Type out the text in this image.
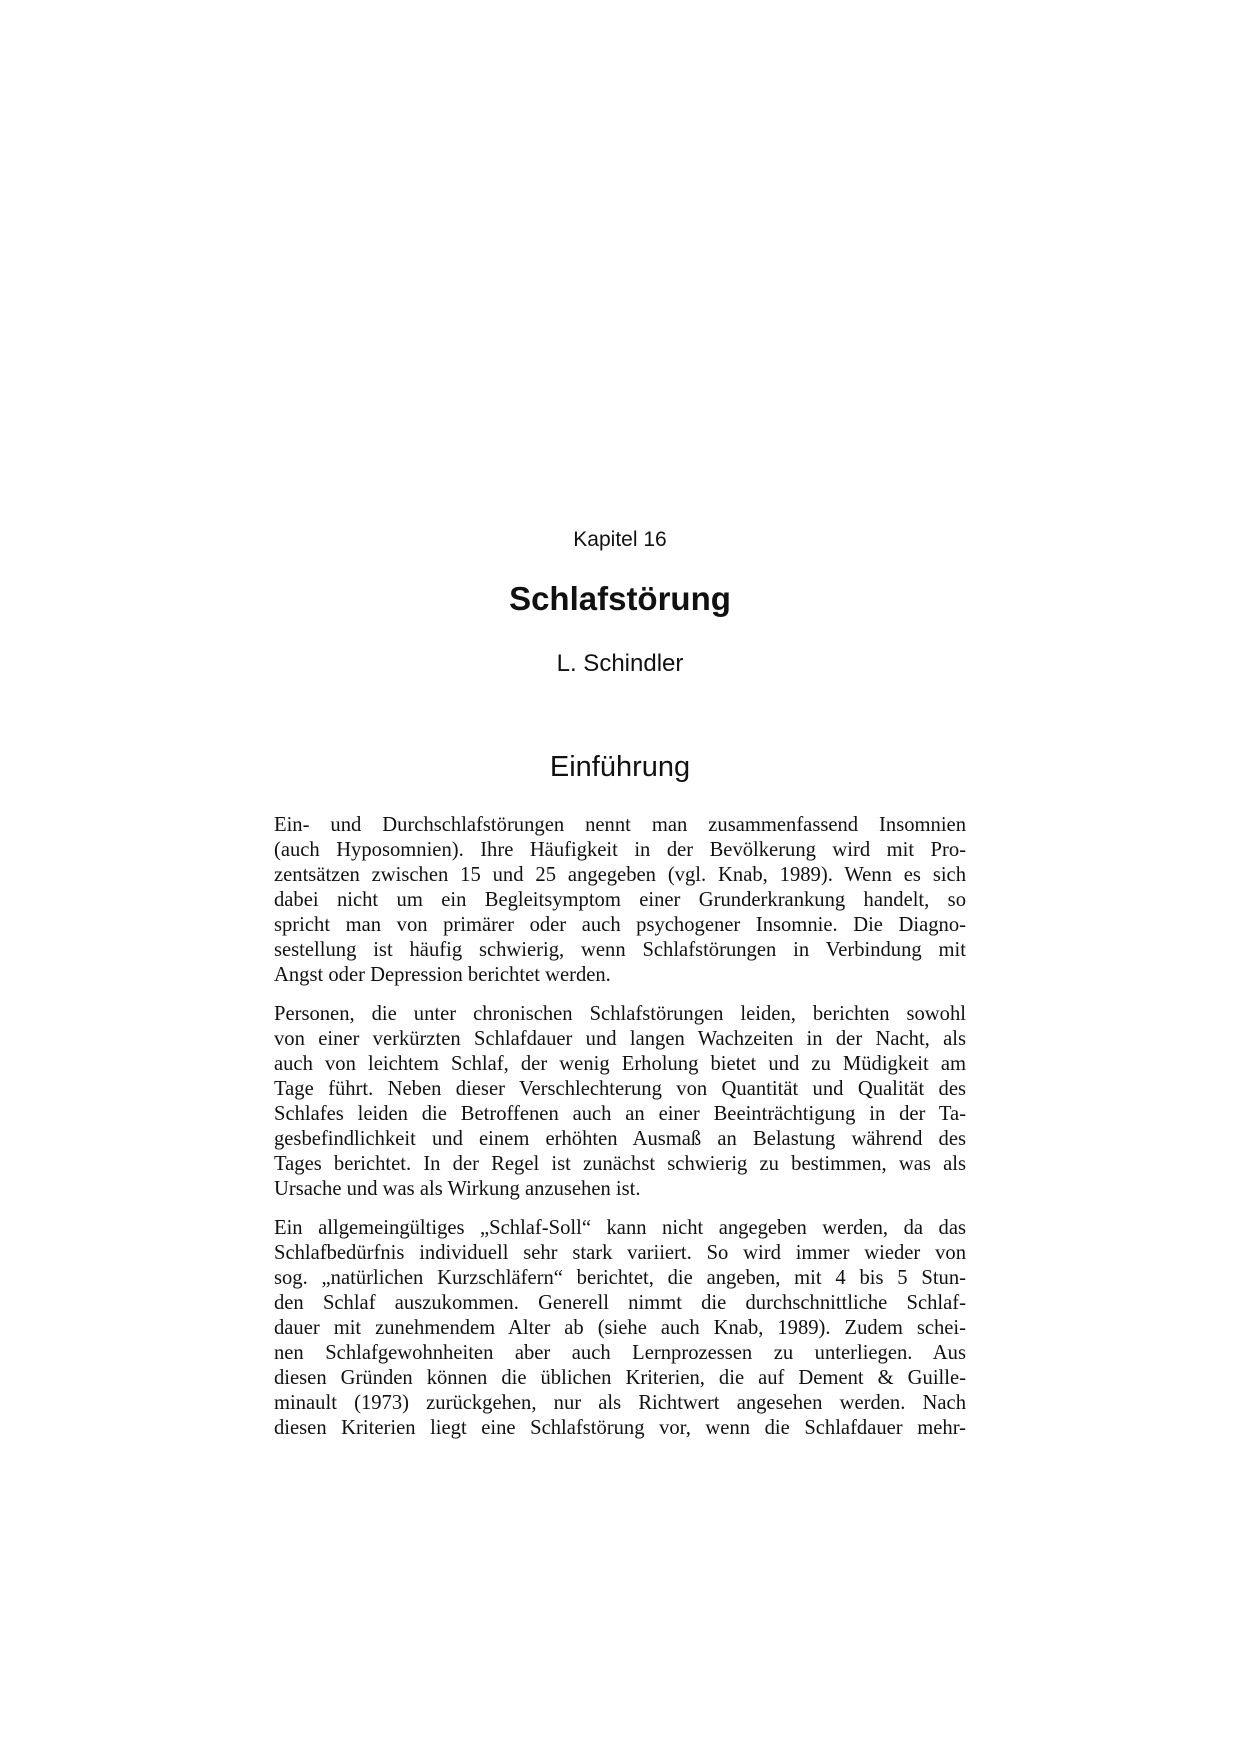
Kapitel 16
Schlafstörung
L. Schindler
Einführung

Ein- und Durchschlafstörungen nennt man zusammenfassend Insomnien
(auch Hyposomnien). Ihre Häufigkeit in der Bevölkerung wird mit Pro-
zentsätzen zwischen 15 und 25 angegeben (vgl. Knab, 1989). Wenn es sich
dabei nicht um ein Begleitsymptom einer Grunderkrankung handelt, so
spricht man von primärer oder auch psychogener Insomnie. Die Diagno-
sestellung ist häufig schwierig, wenn Schlafstörungen in Verbindung mit
Angst oder Depression berichtet werden.

Personen, die unter chronischen Schlafstörungen leiden, berichten sowohl
von einer verkürzten Schlafdauer und langen Wachzeiten in der Nacht, als
auch von leichtem Schlaf, der wenig Erholung bietet und zu Müdigkeit am
Tage führt. Neben dieser Verschlechterung von Quantität und Qualität des
Schlafes leiden die Betroffenen auch an einer Beeinträchtigung in der Ta-
gesbefindlichkeit und einem erhöhten Ausmaß an Belastung während des
Tages berichtet. In der Regel ist zunächst schwierig zu bestimmen, was als
Ursache und was als Wirkung anzusehen ist.

Ein allgemeingültiges „Schlaf-Soll“ kann nicht angegeben werden, da das
Schlafbedürfnis individuell sehr stark variiert. So wird immer wieder von
sog. „natürlichen Kurzschläfern“ berichtet, die angeben, mit 4 bis 5 Stun-
den Schlaf auszukommen. Generell nimmt die durchschnittliche Schlaf-
dauer mit zunehmendem Alter ab (siehe auch Knab, 1989). Zudem schei-
nen Schlafgewohnheiten aber auch Lernprozessen zu unterliegen. Aus
diesen Gründen können die üblichen Kriterien, die auf Dement & Guille-
minault (1973) zurückgehen, nur als Richtwert angesehen werden. Nach
diesen Kriterien liegt eine Schlafstörung vor, wenn die Schlafdauer mehr-
